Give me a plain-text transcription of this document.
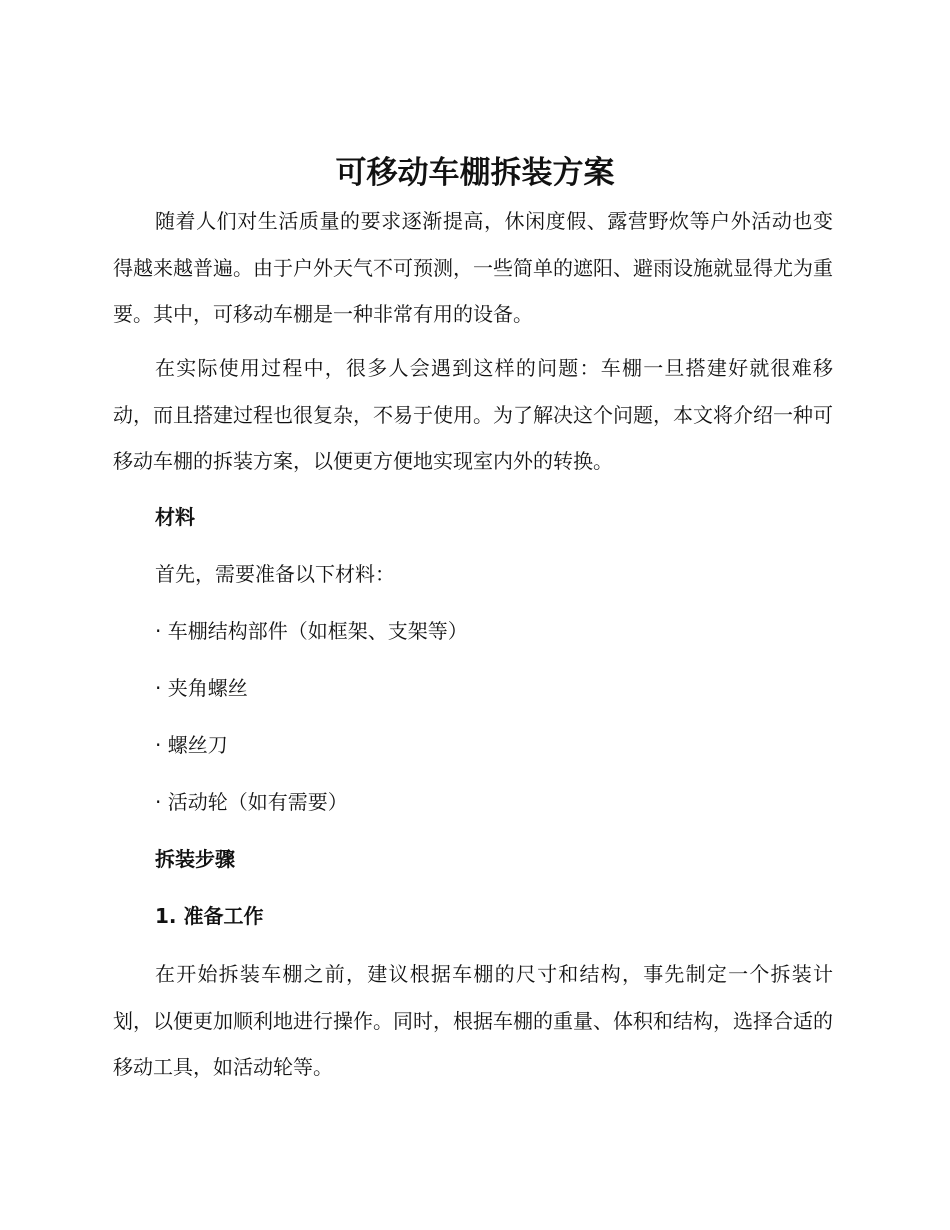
可移动车棚拆装方案

随着人们对生活质量的要求逐渐提高，休闲度假、露营野炊等户外活动也变得越来越普遍。由于户外天气不可预测，一些简单的遮阳、避雨设施就显得尤为重要。其中，可移动车棚是一种非常有用的设备。

在实际使用过程中，很多人会遇到这样的问题：车棚一旦搭建好就很难移动，而且搭建过程也很复杂，不易于使用。为了解决这个问题，本文将介绍一种可移动车棚的拆装方案，以便更方便地实现室内外的转换。

材料

首先，需要准备以下材料：

· 车棚结构部件（如框架、支架等）

· 夹角螺丝

· 螺丝刀

· 活动轮（如有需要）

拆装步骤

1. 准备工作

在开始拆装车棚之前，建议根据车棚的尺寸和结构，事先制定一个拆装计划，以便更加顺利地进行操作。同时，根据车棚的重量、体积和结构，选择合适的移动工具，如活动轮等。
